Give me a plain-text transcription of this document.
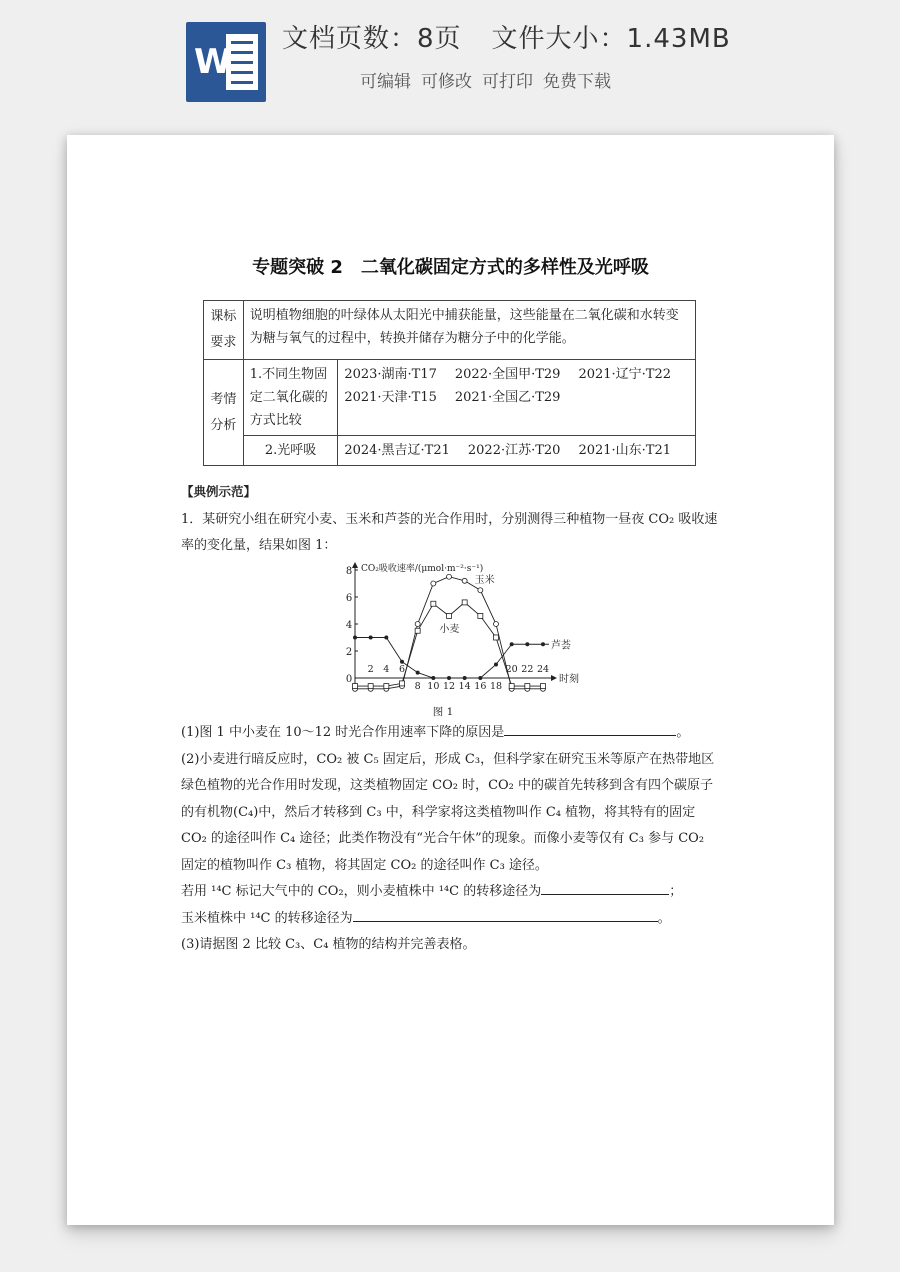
W
文档页数：8页 文件大小：1.43MB
可编辑 可修改 可打印 免费下载
专题突破 2 二氧化碳固定方式的多样性及光呼吸
课标要求	说明植物细胞的叶绿体从太阳光中捕获能量，这些能量在二氧化碳和水转变为糖与氧气的过程中，转换并储存为糖分子中的化学能。	
考情分析	1.不同生物固定二氧化碳的方式比较	2023·湖南·T17 2022·全国甲·T29 2021·辽宁·T22
2021·天津·T15 2021·全国乙·T29

	2.光呼吸	2024·黑吉辽·T21 2022·江苏·T20 2021·山东·T21
【典例示范】

1．某研究小组在研究小麦、玉米和芦荟的光合作用时，分别测得三种植物一昼夜 CO₂ 吸收速率的变化量，结果如图 1：

0
2
4
6
8 CO₂吸收速率/(μmol·m⁻²·s⁻¹)
时刻
2 4 6
8 10 12 14 16 18
20 22 24
玉米
小麦
芦荟
图 1

(1)图 1 中小麦在 10～12 时光合作用速率下降的原因是	。

(2)小麦进行暗反应时，CO₂ 被 C₅ 固定后，形成 C₃，但科学家在研究玉米等原产在热带地区绿色植物的光合作用时发现，这类植物固定 CO₂ 时，CO₂ 中的碳首先转移到含有四个碳原子的有机物(C₄)中，然后才转移到 C₃ 中，科学家将这类植物叫作 C₄ 植物，将其特有的固定 CO₂ 的途径叫作 C₄ 途径；此类作物没有“光合午休”的现象。而像小麦等仅有 C₃ 参与 CO₂ 固定的植物叫作 C₃ 植物，将其固定 CO₂ 的途径叫作 C₃ 途径。

若用 ¹⁴C 标记大气中的 CO₂，则小麦植株中 ¹⁴C 的转移途径为	；

玉米植株中 ¹⁴C 的转移途径为	。

(3)请据图 2 比较 C₃、C₄ 植物的结构并完善表格。
